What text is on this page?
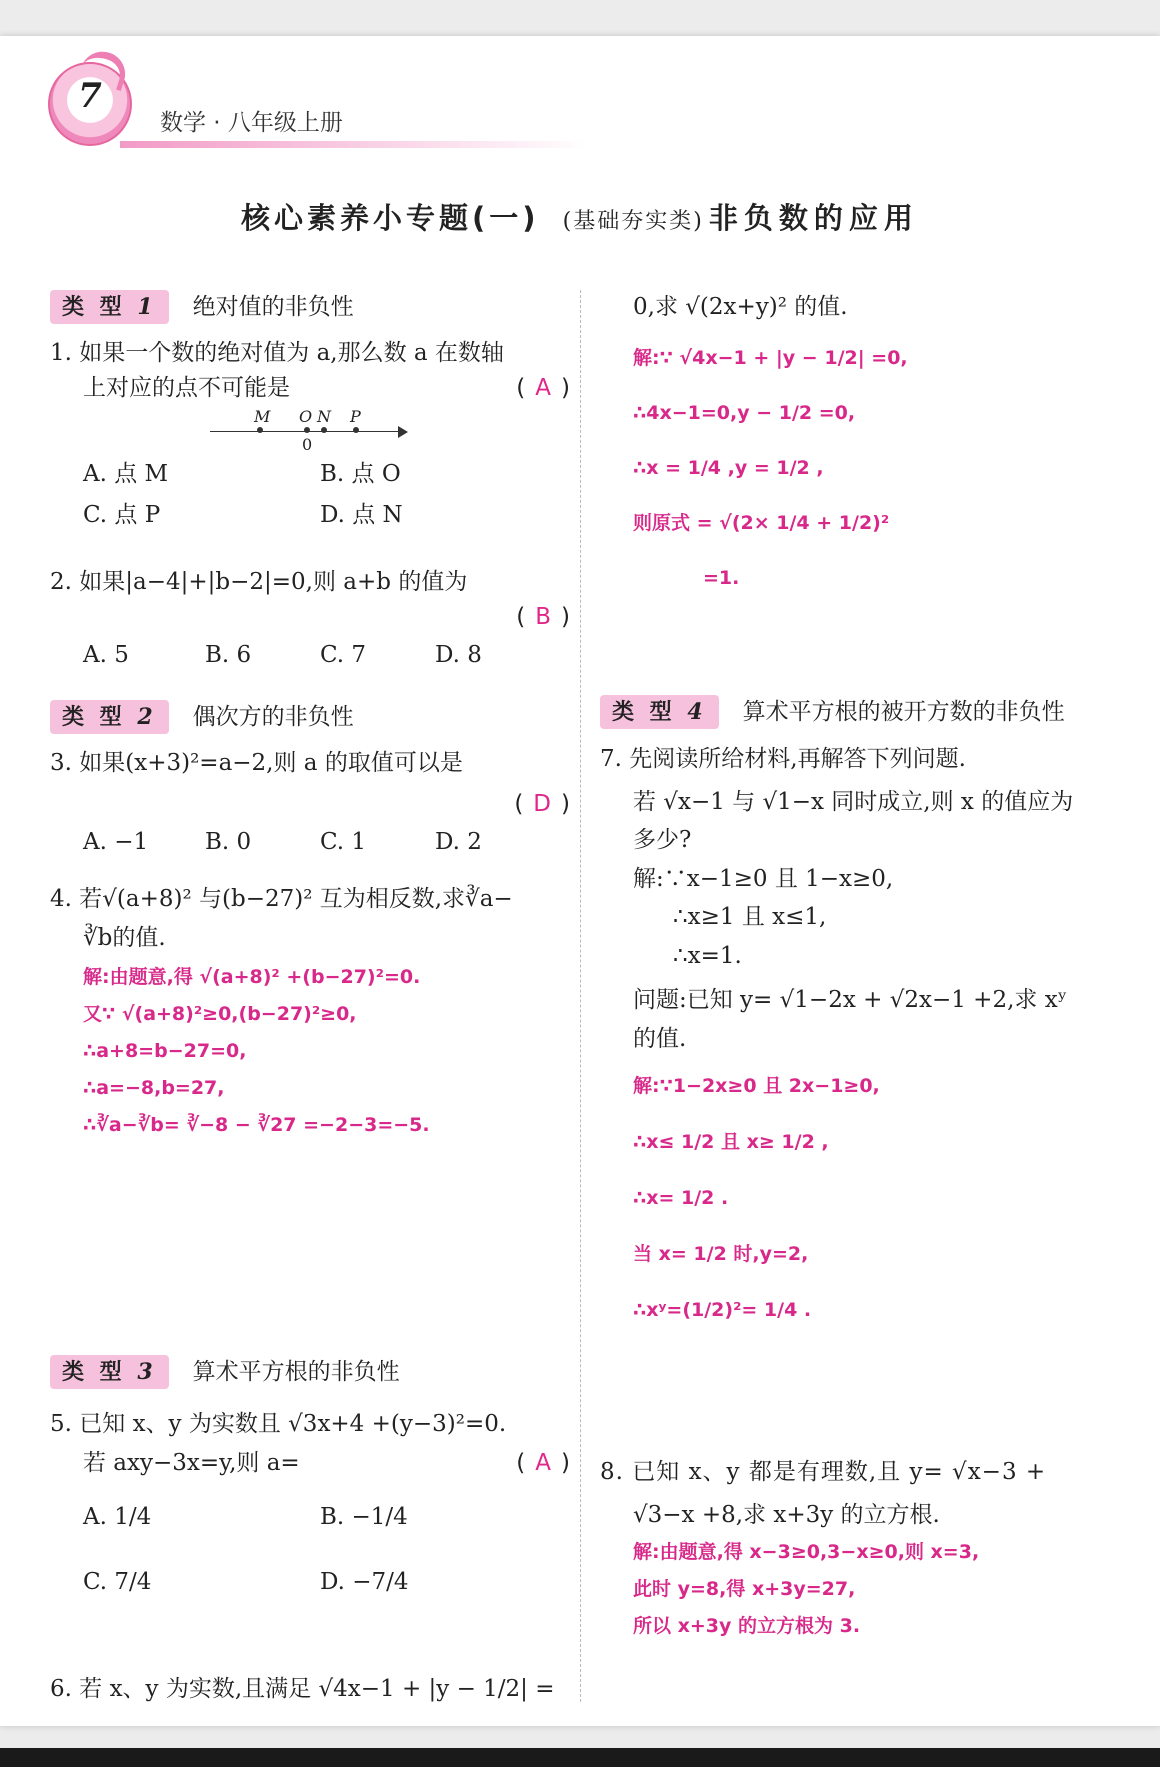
7
数学 · 八年级上册
核心素养小专题(一) (基础夯实类) 非负数的应用
类 型 1	绝对值的非负性

1. 如果一个数的绝对值为 a,那么数 a 在数轴

上对应的点不可能是	( A )
M O N P
0
A. 点 M	B. 点 O
C. 点 P	D. 点 N

2. 如果|a−4|+|b−2|=0,则 a+b 的值为

( B )
A. 5	B. 6	C. 7	D. 8
类 型 2	偶次方的非负性

3. 如果(x+3)²=a−2,则 a 的取值可以是

( D )
A. −1	B. 0	C. 1	D. 2

4. 若√(a+8)² 与(b−27)² 互为相反数,求∛a−

∛b的值.

解:由题意,得 √(a+8)² +(b−27)²=0.
又∵ √(a+8)²≥0,(b−27)²≥0,
∴a+8=b−27=0,
∴a=−8,b=27,
∴∛a−∛b= ∛−8 − ∛27 =−2−3=−5.
类 型 3	算术平方根的非负性

5. 已知 x、y 为实数且 √3x+4 +(y−3)²=0.

若 axy−3x=y,则 a=	( A )
A. 1/4	B. −1/4
C. 7/4	D. −7/4

6. 若 x、y 为实数,且满足 √4x−1 + |y − 1/2| =

0,求 √(2x+y)² 的值.

解:∵ √4x−1 + |y − 1/2| =0,
∴4x−1=0,y − 1/2 =0,
∴x = 1/4 ,y = 1/2 ,
则原式 = √(2× 1/4 + 1/2)²
=1.
类 型 4	算术平方根的被开方数的非负性

7. 先阅读所给材料,再解答下列问题.

若 √x−1 与 √1−x 同时成立,则 x 的值应为

多少?

解:∵x−1≥0 且 1−x≥0,
∴x≥1 且 x≤1,
∴x=1.

问题:已知 y= √1−2x + √2x−1 +2,求 xʸ

的值.

解:∵1−2x≥0 且 2x−1≥0,
∴x≤ 1/2 且 x≥ 1/2 ,
∴x= 1/2 .
当 x= 1/2 时,y=2,
∴xʸ=(1/2)²= 1/4 .

8. 已知 x、y 都是有理数,且 y= √x−3 +

√3−x +8,求 x+3y 的立方根.

解:由题意,得 x−3≥0,3−x≥0,则 x=3,
此时 y=8,得 x+3y=27,
所以 x+3y 的立方根为 3.
